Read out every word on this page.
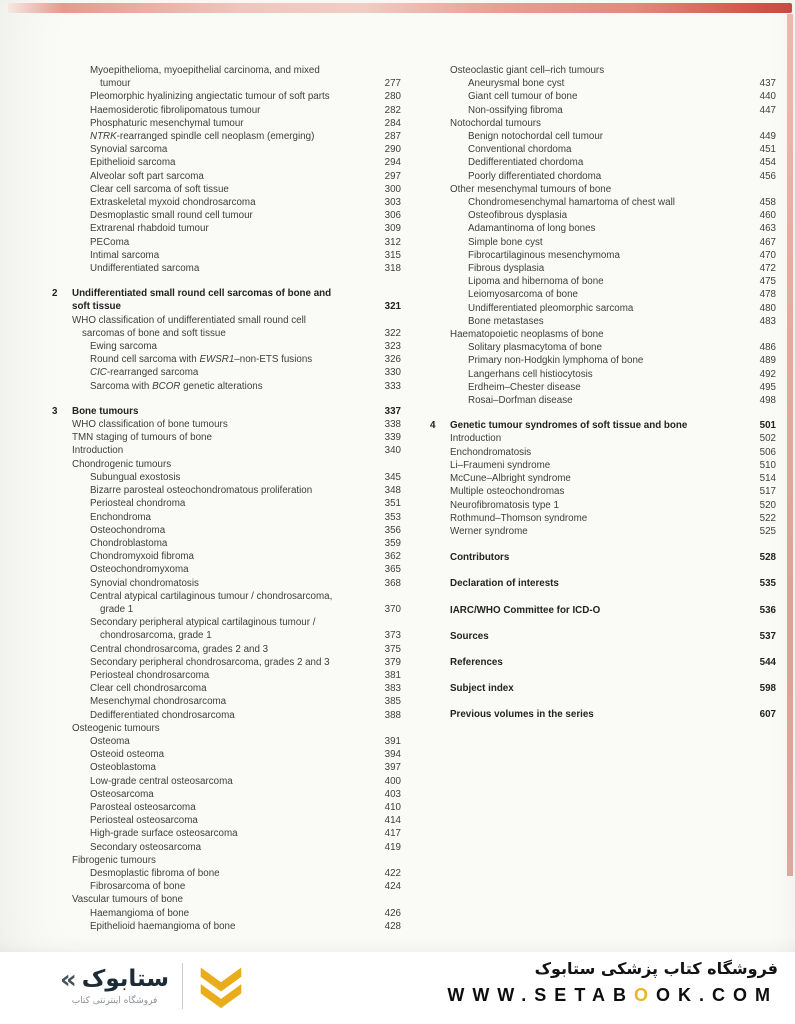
Myoepithelioma, myoepithelial carcinoma, and mixed
tumour	277
Pleomorphic hyalinizing angiectatic tumour of soft parts	280
Haemosiderotic fibrolipomatous tumour	282
Phosphaturic mesenchymal tumour	284
NTRK-rearranged spindle cell neoplasm (emerging)	287
Synovial sarcoma	290
Epithelioid sarcoma	294
Alveolar soft part sarcoma	297
Clear cell sarcoma of soft tissue	300
Extraskeletal myxoid chondrosarcoma	303
Desmoplastic small round cell tumour	306
Extrarenal rhabdoid tumour	309
PEComa	312
Intimal sarcoma	315
Undifferentiated sarcoma	318
2	Undifferentiated small round cell sarcomas of bone and
soft tissue	321
WHO classification of undifferentiated small round cell
sarcomas of bone and soft tissue	322
Ewing sarcoma	323
Round cell sarcoma with EWSR1–non-ETS fusions	326
CIC-rearranged sarcoma	330
Sarcoma with BCOR genetic alterations	333
3	Bone tumours	337
WHO classification of bone tumours	338
TMN staging of tumours of bone	339
Introduction	340
Chondrogenic tumours
Subungual exostosis	345
Bizarre parosteal osteochondromatous proliferation	348
Periosteal chondroma	351
Enchondroma	353
Osteochondroma	356
Chondroblastoma	359
Chondromyxoid fibroma	362
Osteochondromyxoma	365
Synovial chondromatosis	368
Central atypical cartilaginous tumour / chondrosarcoma,
grade 1	370
Secondary peripheral atypical cartilaginous tumour /
chondrosarcoma, grade 1	373
Central chondrosarcoma, grades 2 and 3	375
Secondary peripheral chondrosarcoma, grades 2 and 3	379
Periosteal chondrosarcoma	381
Clear cell chondrosarcoma	383
Mesenchymal chondrosarcoma	385
Dedifferentiated chondrosarcoma	388
Osteogenic tumours
Osteoma	391
Osteoid osteoma	394
Osteoblastoma	397
Low-grade central osteosarcoma	400
Osteosarcoma	403
Parosteal osteosarcoma	410
Periosteal osteosarcoma	414
High-grade surface osteosarcoma	417
Secondary osteosarcoma	419
Fibrogenic tumours
Desmoplastic fibroma of bone	422
Fibrosarcoma of bone	424
Vascular tumours of bone
Haemangioma of bone	426
Epithelioid haemangioma of bone	428
Osteoclastic giant cell–rich tumours
Aneurysmal bone cyst	437
Giant cell tumour of bone	440
Non-ossifying fibroma	447
Notochordal tumours
Benign notochordal cell tumour	449
Conventional chordoma	451
Dedifferentiated chordoma	454
Poorly differentiated chordoma	456
Other mesenchymal tumours of bone
Chondromesenchymal hamartoma of chest wall	458
Osteofibrous dysplasia	460
Adamantinoma of long bones	463
Simple bone cyst	467
Fibrocartilaginous mesenchymoma	470
Fibrous dysplasia	472
Lipoma and hibernoma of bone	475
Leiomyosarcoma of bone	478
Undifferentiated pleomorphic sarcoma	480
Bone metastases	483
Haematopoietic neoplasms of bone
Solitary plasmacytoma of bone	486
Primary non-Hodgkin lymphoma of bone	489
Langerhans cell histiocytosis	492
Erdheim–Chester disease	495
Rosai–Dorfman disease	498
4	Genetic tumour syndromes of soft tissue and bone	501
Introduction	502
Enchondromatosis	506
Li–Fraumeni syndrome	510
McCune–Albright syndrome	514
Multiple osteochondromas	517
Neurofibromatosis type 1	520
Rothmund–Thomson syndrome	522
Werner syndrome	525
Contributors	528
Declaration of interests	535
IARC/WHO Committee for ICD-O	536
Sources	537
References	544
Subject index	598
Previous volumes in the series	607
« ستابوک
فروشگاه اینترنتی کتاب
فروشگاه کتاب پزشکی ستابوک
WWW.SETABOOK.COM
